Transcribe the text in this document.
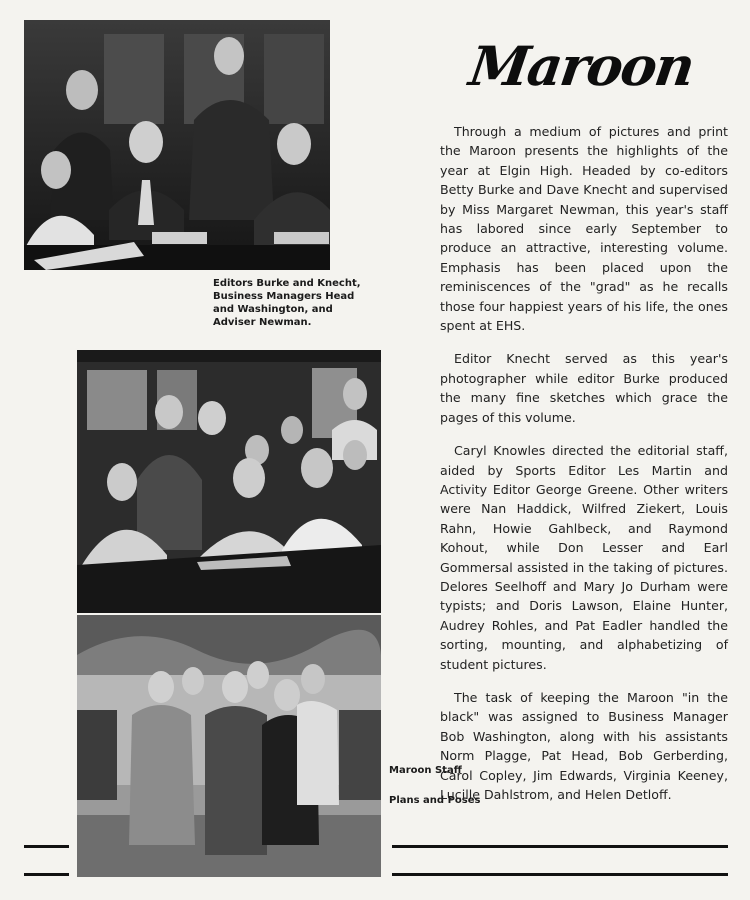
Maroon

Editors Burke and Knecht, Business Managers Head and Washington, and Adviser Newman.

Maroon Staff

Plans and Poses

Through a medium of pictures and print the Maroon presents the highlights of the year at Elgin High. Headed by co-editors Betty Burke and Dave Knecht and supervised by Miss Margaret Newman, this year's staff has labored since early September to produce an attractive, interesting volume. Emphasis has been placed upon the reminiscences of the "grad" as he recalls those four happiest years of his life, the ones spent at EHS.

Editor Knecht served as this year's photographer while editor Burke produced the many fine sketches which grace the pages of this volume.

Caryl Knowles directed the editorial staff, aided by Sports Editor Les Martin and Activity Editor George Greene. Other writers were Nan Haddick, Wilfred Ziekert, Louis Rahn, Howie Gahlbeck, and Raymond Kohout, while Don Lesser and Earl Gommersal assisted in the taking of pictures. Delores Seelhoff and Mary Jo Durham were typists; and Doris Lawson, Elaine Hunter, Audrey Rohles, and Pat Eadler handled the sorting, mounting, and alphabetizing of student pictures.

The task of keeping the Maroon "in the black" was assigned to Business Manager Bob Washington, along with his assistants Norm Plagge, Pat Head, Bob Gerberding, Carol Copley, Jim Edwards, Virginia Keeney, Lucille Dahlstrom, and Helen Detloff.
